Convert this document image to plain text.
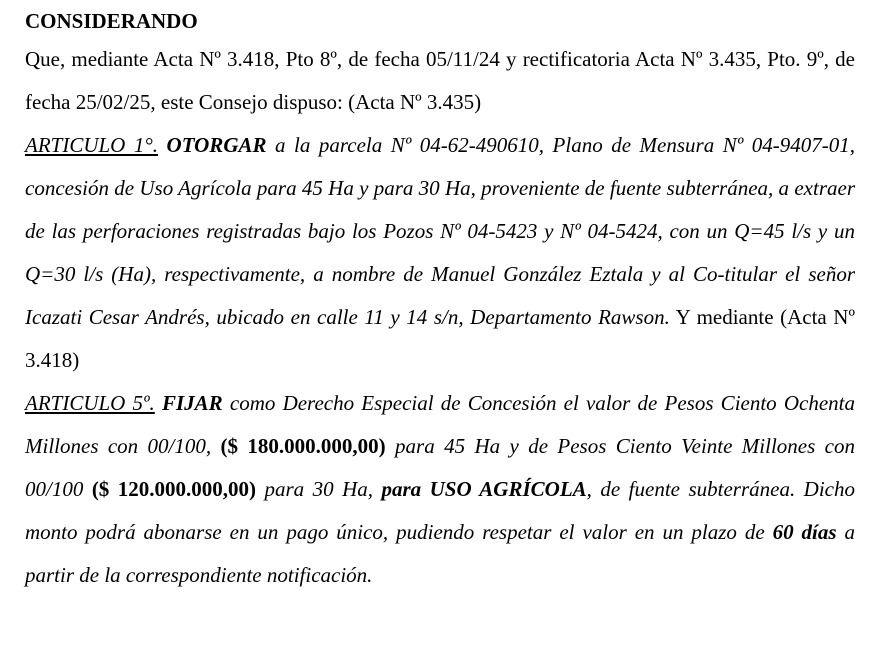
CONSIDERANDO

Que, mediante Acta Nº 3.418, Pto 8º, de fecha 05/11/24 y rectificatoria Acta Nº 3.435, Pto. 9º, de fecha 25/02/25, este Consejo dispuso: (Acta Nº 3.435)
ARTICULO 1°. OTORGAR a la parcela Nº 04-62-490610, Plano de Mensura Nº 04-9407-01, concesión de Uso Agrícola para 45 Ha y para 30 Ha, proveniente de fuente subterránea, a extraer de las perforaciones registradas bajo los Pozos Nº 04-5423 y Nº 04-5424, con un Q=45 l/s y un Q=30 l/s (Ha), respectivamente, a nombre de Manuel González Eztala y al Co-titular el señor Icazati Cesar Andrés, ubicado en calle 11 y 14 s/n, Departamento Rawson. Y mediante (Acta Nº 3.418)
ARTICULO 5º. FIJAR como Derecho Especial de Concesión el valor de Pesos Ciento Ochenta Millones con 00/100, ($ 180.000.000,00) para 45 Ha y de Pesos Ciento Veinte Millones con 00/100 ($ 120.000.000,00) para 30 Ha, para USO AGRÍCOLA, de fuente subterránea. Dicho monto podrá abonarse en un pago único, pudiendo respetar el valor en un plazo de 60 días a partir de la correspondiente notificación.
